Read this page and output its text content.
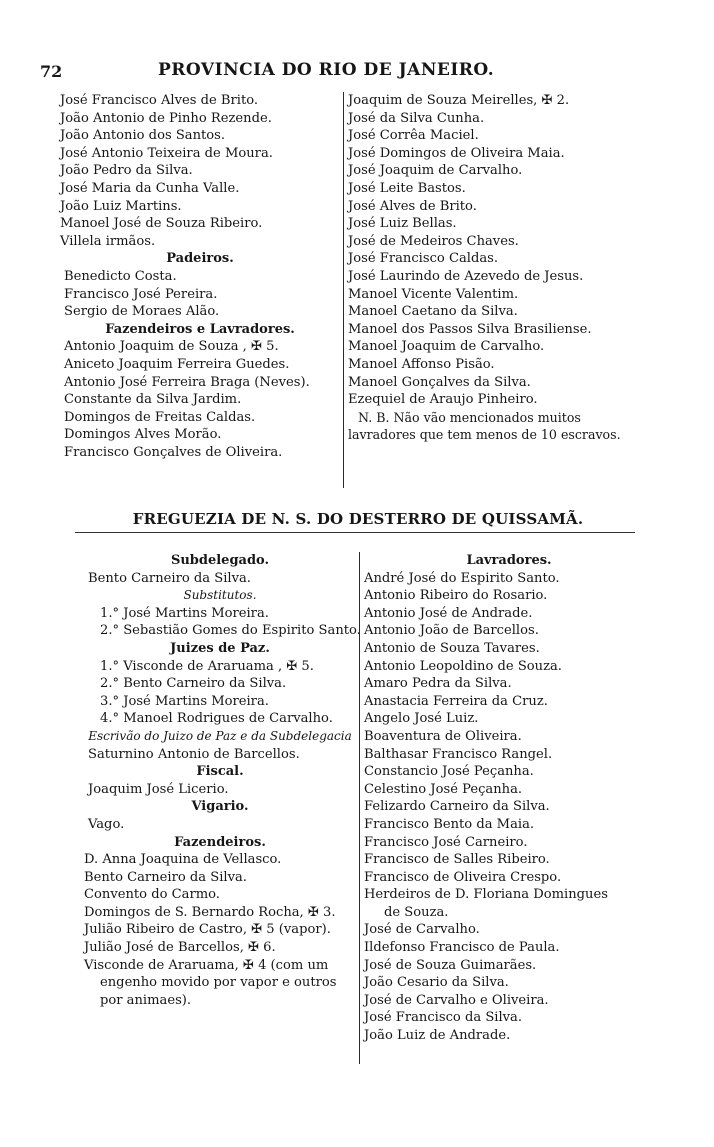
72	PROVINCIA DO RIO DE JANEIRO.
José Francisco Alves de Brito.
João Antonio de Pinho Rezende.
João Antonio dos Santos.
José Antonio Teixeira de Moura.
João Pedro da Silva.
José Maria da Cunha Valle.
João Luiz Martins.
Manoel José de Souza Ribeiro.
Villela irmãos.
Padeiros.
Benedicto Costa.
Francisco José Pereira.
Sergio de Moraes Alão.
Fazendeiros e Lavradores.
Antonio Joaquim de Souza , ✠ 5.
Aniceto Joaquim Ferreira Guedes.
Antonio José Ferreira Braga (Neves).
Constante da Silva Jardim.
Domingos de Freitas Caldas.
Domingos Alves Morão.
Francisco Gonçalves de Oliveira.
Joaquim de Souza Meirelles, ✠ 2.
José da Silva Cunha.
José Corrêa Maciel.
José Domingos de Oliveira Maia.
José Joaquim de Carvalho.
José Leite Bastos.
José Alves de Brito.
José Luiz Bellas.
José de Medeiros Chaves.
José Francisco Caldas.
José Laurindo de Azevedo de Jesus.
Manoel Vicente Valentim.
Manoel Caetano da Silva.
Manoel dos Passos Silva Brasiliense.
Manoel Joaquim de Carvalho.
Manoel Affonso Pisão.
Manoel Gonçalves da Silva.
Ezequiel de Araujo Pinheiro.
N. B. Não vão mencionados muitos lavradores que tem menos de 10 escravos.
FREGUEZIA DE N. S. DO DESTERRO DE QUISSAMÃ.
Subdelegado.
Bento Carneiro da Silva.
Substitutos.
1.° José Martins Moreira.
2.° Sebastião Gomes do Espirito Santo.
Juizes de Paz.
1.° Visconde de Araruama , ✠ 5.
2.° Bento Carneiro da Silva.
3.° José Martins Moreira.
4.° Manoel Rodrigues de Carvalho.
Escrivão do Juizo de Paz e da Subdelegacia
Saturnino Antonio de Barcellos.
Fiscal.
Joaquim José Licerio.
Vigario.
Vago.
Fazendeiros.
D. Anna Joaquina de Vellasco.
Bento Carneiro da Silva.
Convento do Carmo.
Domingos de S. Bernardo Rocha, ✠ 3.
Julião Ribeiro de Castro, ✠ 5 (vapor).
Julião José de Barcellos, ✠ 6.
Visconde de Araruama, ✠ 4 (com um
engenho movido por vapor e outros
por animaes).
Lavradores.
André José do Espirito Santo.
Antonio Ribeiro do Rosario.
Antonio José de Andrade.
Antonio João de Barcellos.
Antonio de Souza Tavares.
Antonio Leopoldino de Souza.
Amaro Pedra da Silva.
Anastacia Ferreira da Cruz.
Angelo José Luiz.
Boaventura de Oliveira.
Balthasar Francisco Rangel.
Constancio José Peçanha.
Celestino José Peçanha.
Felizardo Carneiro da Silva.
Francisco Bento da Maia.
Francisco José Carneiro.
Francisco de Salles Ribeiro.
Francisco de Oliveira Crespo.
Herdeiros de D. Floriana Domingues
de Souza.
José de Carvalho.
Ildefonso Francisco de Paula.
José de Souza Guimarães.
João Cesario da Silva.
José de Carvalho e Oliveira.
José Francisco da Silva.
João Luiz de Andrade.
